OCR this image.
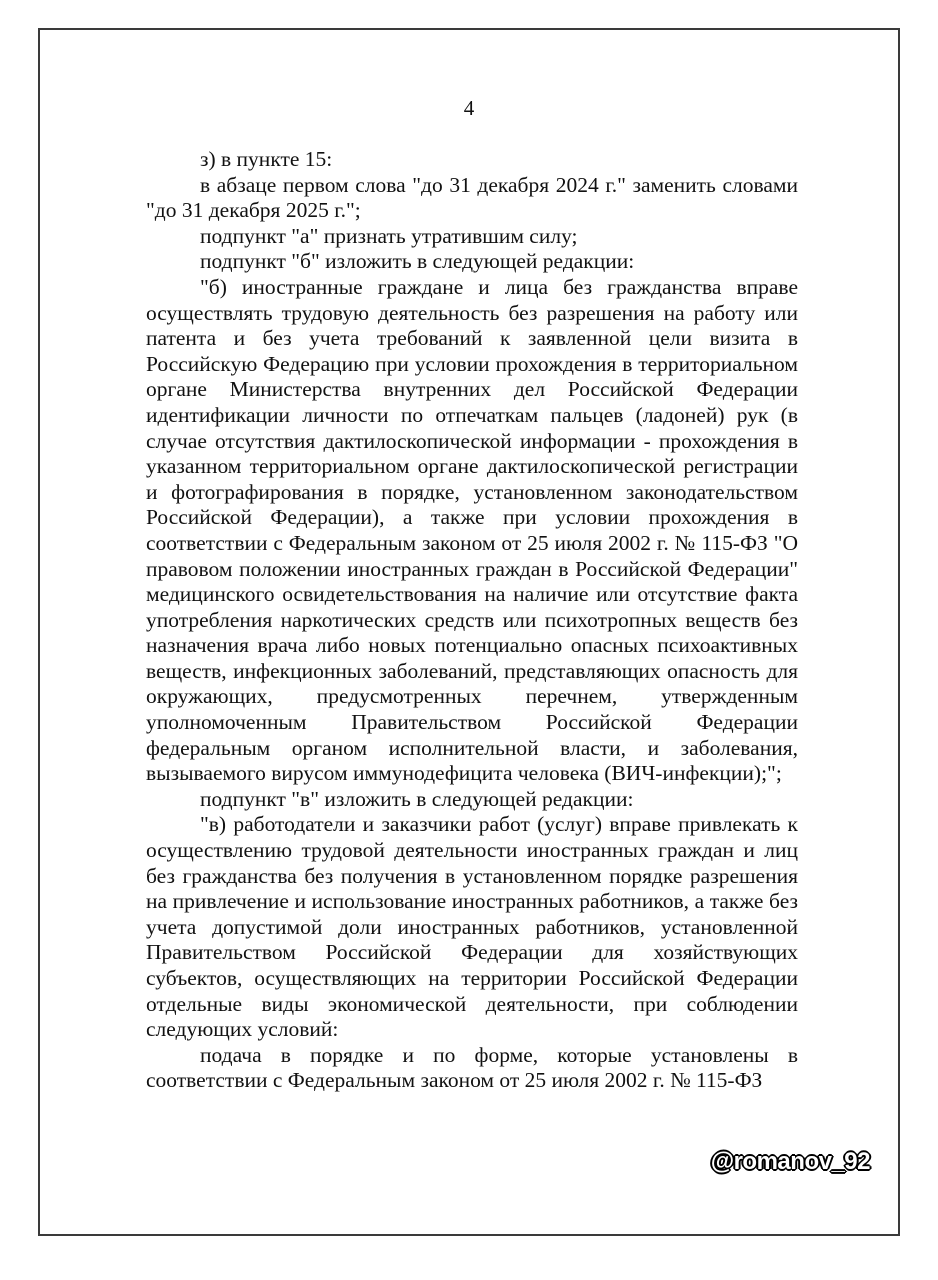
4

з) в пункте 15:

в абзаце первом слова "до 31 декабря 2024 г." заменить словами "до 31 декабря 2025 г.";

подпункт "а" признать утратившим силу;

подпункт "б" изложить в следующей редакции:

"б) иностранные граждане и лица без гражданства вправе осуществлять трудовую деятельность без разрешения на работу или патента и без учета требований к заявленной цели визита в Российскую Федерацию при условии прохождения в территориальном органе Министерства внутренних дел Российской Федерации идентификации личности по отпечаткам пальцев (ладоней) рук (в случае отсутствия дактилоскопической информации - прохождения в указанном территориальном органе дактилоскопической регистрации и фотографирования в порядке, установленном законодательством Российской Федерации), а также при условии прохождения в соответствии с Федеральным законом от 25 июля 2002 г. № 115-ФЗ "О правовом положении иностранных граждан в Российской Федерации" медицинского освидетельствования на наличие или отсутствие факта употребления наркотических средств или психотропных веществ без назначения врача либо новых потенциально опасных психоактивных веществ, инфекционных заболеваний, представляющих опасность для окружающих, предусмотренных перечнем, утвержденным уполномоченным Правительством Российской Федерации федеральным органом исполнительной власти, и заболевания, вызываемого вирусом иммунодефицита человека (ВИЧ-инфекции);";

подпункт "в" изложить в следующей редакции:

"в) работодатели и заказчики работ (услуг) вправе привлекать к осуществлению трудовой деятельности иностранных граждан и лиц без гражданства без получения в установленном порядке разрешения на привлечение и использование иностранных работников, а также без учета допустимой доли иностранных работников, установленной Правительством Российской Федерации для хозяйствующих субъектов, осуществляющих на территории Российской Федерации отдельные виды экономической деятельности, при соблюдении следующих условий:

подача в порядке и по форме, которые установлены в соответствии с Федеральным законом от 25 июля 2002 г. № 115-ФЗ

@romanov_92
